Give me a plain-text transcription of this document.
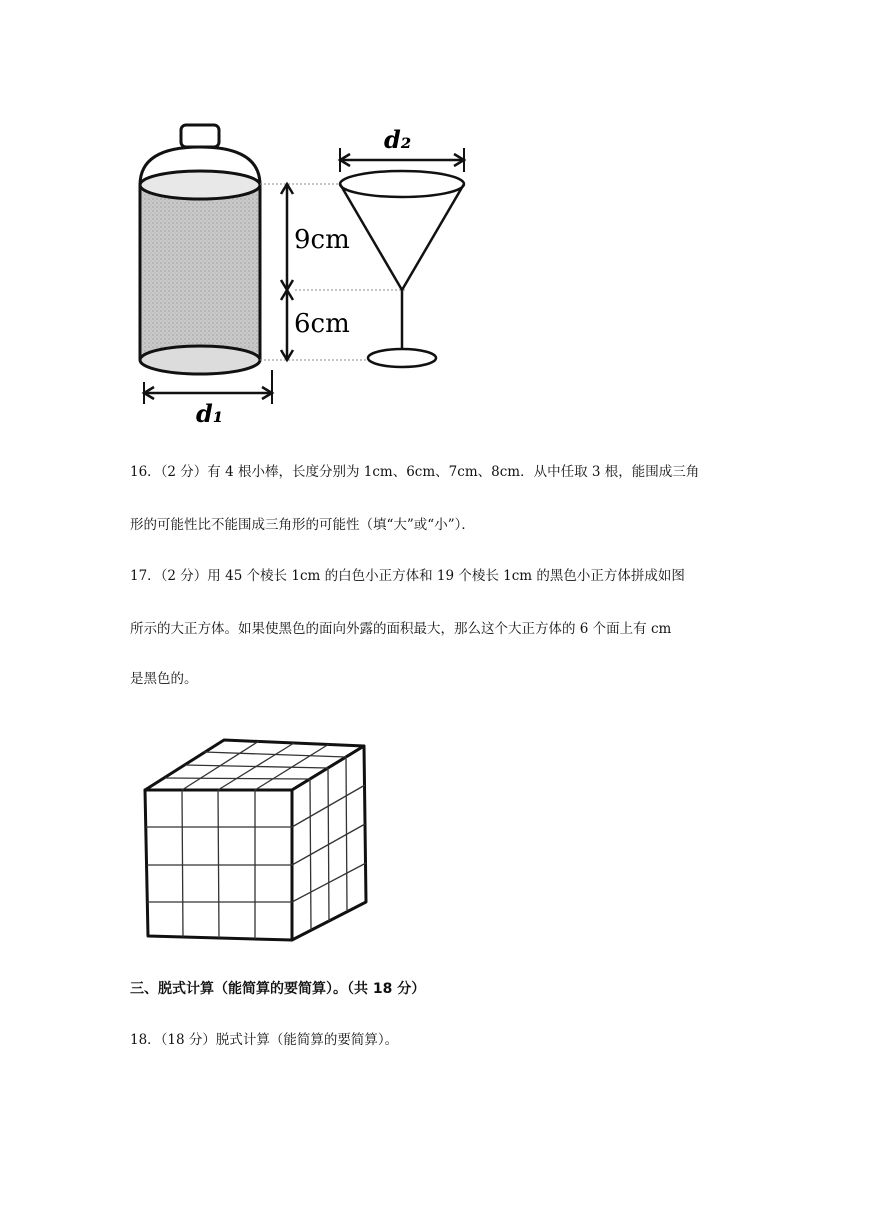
d₁
9cm
6cm
d₂

16．（2 分）有 4 根小棒，长度分别为 1cm、6cm、7cm、8cm．从中任取 3 根，能围成三角

形的可能性比不能围成三角形的可能性（填“大”或“小”）．

17．（2 分）用 45 个棱长 1cm 的白色小正方体和 19 个棱长 1cm 的黑色小正方体拼成如图

所示的大正方体。如果使黑色的面向外露的面积最大，那么这个大正方体的 6 个面上有 cm

是黑色的。

三、脱式计算（能简算的要简算）。（共 18 分）

18．（18 分）脱式计算（能简算的要简算）。
